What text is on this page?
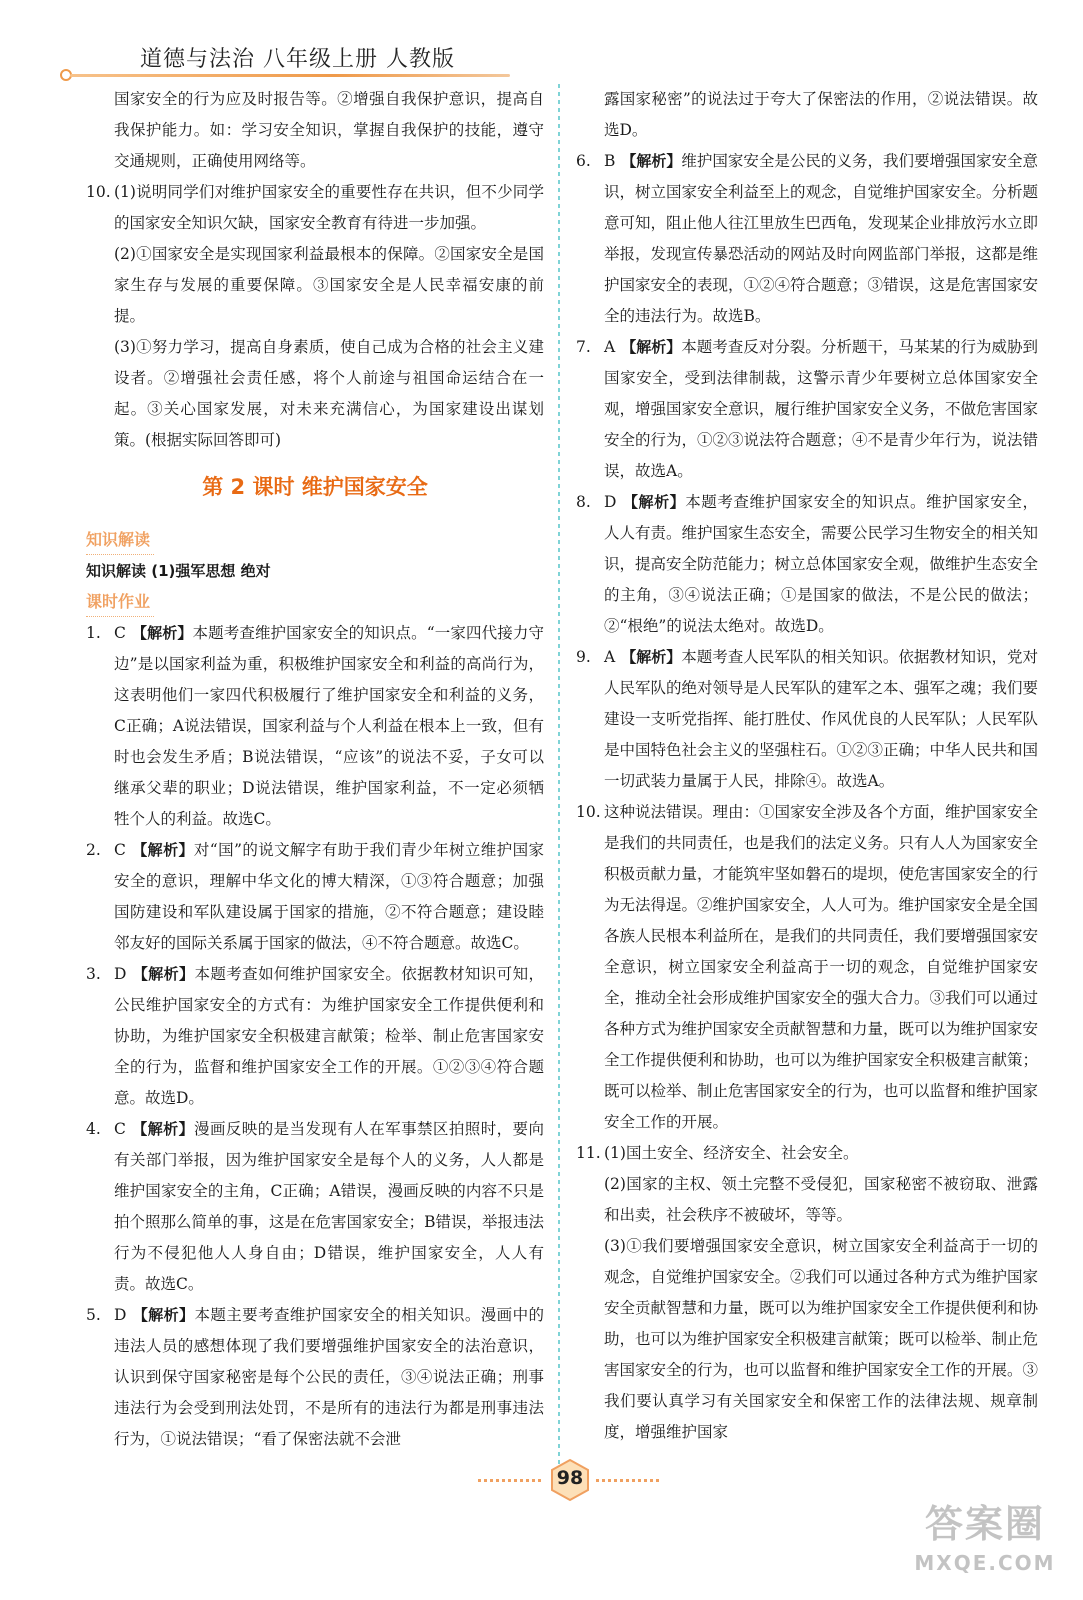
道德与法治 八年级上册 人教版

国家安全的行为应及时报告等。②增强自我保护意识，提高自我保护能力。如：学习安全知识，掌握自我保护的技能，遵守交通规则，正确使用网络等。

10. (1)说明同学们对维护国家安全的重要性存在共识，但不少同学的国家安全知识欠缺，国家安全教育有待进一步加强。

(2)①国家安全是实现国家利益最根本的保障。②国家安全是国家生存与发展的重要保障。③国家安全是人民幸福安康的前提。

(3)①努力学习，提高自身素质，使自己成为合格的社会主义建设者。②增强社会责任感，将个人前途与祖国命运结合在一起。③关心国家发展，对未来充满信心，为国家建设出谋划策。(根据实际回答即可)

第 2 课时 维护国家安全
知识解读

知识解读 (1)强军思想 绝对

课时作业
1. C 【解析】本题考查维护国家安全的知识点。“一家四代接力守边”是以国家利益为重，积极维护国家安全和利益的高尚行为，这表明他们一家四代积极履行了维护国家安全和利益的义务，C正确；A说法错误，国家利益与个人利益在根本上一致，但有时也会发生矛盾；B说法错误，“应该”的说法不妥，子女可以继承父辈的职业；D说法错误，维护国家利益，不一定必须牺牲个人的利益。故选C。
2. C 【解析】对“国”的说文解字有助于我们青少年树立维护国家安全的意识，理解中华文化的博大精深，①③符合题意；加强国防建设和军队建设属于国家的措施，②不符合题意；建设睦邻友好的国际关系属于国家的做法，④不符合题意。故选C。
3. D 【解析】本题考查如何维护国家安全。依据教材知识可知，公民维护国家安全的方式有：为维护国家安全工作提供便利和协助，为维护国家安全积极建言献策；检举、制止危害国家安全的行为，监督和维护国家安全工作的开展。①②③④符合题意。故选D。
4. C 【解析】漫画反映的是当发现有人在军事禁区拍照时，要向有关部门举报，因为维护国家安全是每个人的义务，人人都是维护国家安全的主角，C正确；A错误，漫画反映的内容不只是拍个照那么简单的事，这是在危害国家安全；B错误，举报违法行为不侵犯他人人身自由；D错误，维护国家安全，人人有责。故选C。
5. D 【解析】本题主要考查维护国家安全的相关知识。漫画中的违法人员的感想体现了我们要增强维护国家安全的法治意识，认识到保守国家秘密是每个公民的责任，③④说法正确；刑事违法行为会受到刑法处罚，不是所有的违法行为都是刑事违法行为，①说法错误；“看了保密法就不会泄

露国家秘密”的说法过于夸大了保密法的作用，②说法错误。故选D。

6. B 【解析】维护国家安全是公民的义务，我们要增强国家安全意识，树立国家安全利益至上的观念，自觉维护国家安全。分析题意可知，阻止他人往江里放生巴西龟，发现某企业排放污水立即举报，发现宣传暴恐活动的网站及时向网监部门举报，这都是维护国家安全的表现，①②④符合题意；③错误，这是危害国家安全的违法行为。故选B。
7. A 【解析】本题考查反对分裂。分析题干，马某某的行为威胁到国家安全，受到法律制裁，这警示青少年要树立总体国家安全观，增强国家安全意识，履行维护国家安全义务，不做危害国家安全的行为，①②③说法符合题意；④不是青少年行为，说法错误，故选A。
8. D 【解析】本题考查维护国家安全的知识点。维护国家安全，人人有责。维护国家生态安全，需要公民学习生物安全的相关知识，提高安全防范能力；树立总体国家安全观，做维护生态安全的主角，③④说法正确；①是国家的做法，不是公民的做法；②“根绝”的说法太绝对。故选D。
9. A 【解析】本题考查人民军队的相关知识。依据教材知识，党对人民军队的绝对领导是人民军队的建军之本、强军之魂；我们要建设一支听党指挥、能打胜仗、作风优良的人民军队；人民军队是中国特色社会主义的坚强柱石。①②③正确；中华人民共和国一切武装力量属于人民，排除④。故选A。
10. 这种说法错误。理由：①国家安全涉及各个方面，维护国家安全是我们的共同责任，也是我们的法定义务。只有人人为国家安全积极贡献力量，才能筑牢坚如磐石的堤坝，使危害国家安全的行为无法得逞。②维护国家安全，人人可为。维护国家安全是全国各族人民根本利益所在，是我们的共同责任，我们要增强国家安全意识，树立国家安全利益高于一切的观念，自觉维护国家安全，推动全社会形成维护国家安全的强大合力。③我们可以通过各种方式为维护国家安全贡献智慧和力量，既可以为维护国家安全工作提供便利和协助，也可以为维护国家安全积极建言献策；既可以检举、制止危害国家安全的行为，也可以监督和维护国家安全工作的开展。
11. (1)国土安全、经济安全、社会安全。

(2)国家的主权、领土完整不受侵犯，国家秘密不被窃取、泄露和出卖，社会秩序不被破坏，等等。

(3)①我们要增强国家安全意识，树立国家安全利益高于一切的观念，自觉维护国家安全。②我们可以通过各种方式为维护国家安全贡献智慧和力量，既可以为维护国家安全工作提供便利和协助，也可以为维护国家安全积极建言献策；既可以检举、制止危害国家安全的行为，也可以监督和维护国家安全工作的开展。③我们要认真学习有关国家安全和保密工作的法律法规、规章制度，增强维护国家

98
答案圈
MXQE.COM
